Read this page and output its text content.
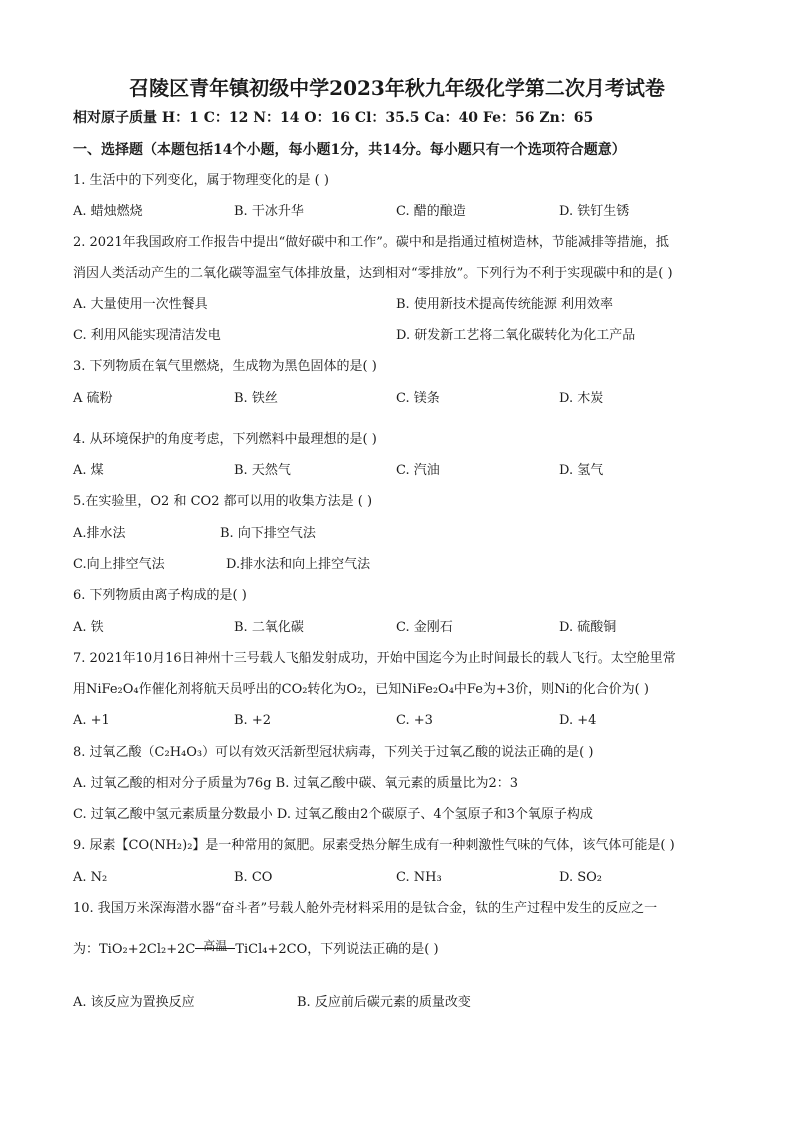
召陵区青年镇初级中学2023年秋九年级化学第二次月考试卷
相对原子质量 H：1 C：12 N：14 O：16 Cl：35.5 Ca：40 Fe：56 Zn：65
一、选择题（本题包括14个小题，每小题1分，共14分。每小题只有一个选项符合题意）
1. 生活中的下列变化，属于物理变化的是 ( )
A. 蜡烛燃烧	B. 干冰升华	C. 醋的酿造	D. 铁钉生锈
2. 2021年我国政府工作报告中提出“做好碳中和工作”。碳中和是指通过植树造林，节能减排等措施，抵
消因人类活动产生的二氧化碳等温室气体排放量，达到相对“零排放”。下列行为不利于实现碳中和的是( )
A. 大量使用一次性餐具	B. 使用新技术提高传统能源 利用效率
C. 利用风能实现清洁发电	D. 研发新工艺将二氧化碳转化为化工产品
3. 下列物质在氧气里燃烧，生成物为黑色固体的是( )
A 硫粉	B. 铁丝	C. 镁条	D. 木炭
4. 从环境保护的角度考虑，下列燃料中最理想的是( )
A. 煤	B. 天然气	C. 汽油	D. 氢气
5.在实验里，O2 和 CO2 都可以用的收集方法是 ( )
A.排水法	B. 向下排空气法
C.向上排空气法	D.排水法和向上排空气法
6. 下列物质由离子构成的是( )
A. 铁	B. 二氧化碳	C. 金刚石	D. 硫酸铜
7. 2021年10月16日神州十三号载人飞船发射成功，开始中国迄今为止时间最长的载人飞行。太空舱里常
用NiFe₂O₄作催化剂将航天员呼出的CO₂转化为O₂，已知NiFe₂O₄中Fe为+3价，则Ni的化合价为( )
A. +1	B. +2	C. +3	D. +4
8. 过氧乙酸（C₂H₄O₃）可以有效灭活新型冠状病毒，下列关于过氧乙酸的说法正确的是( )
A. 过氧乙酸的相对分子质量为76g B. 过氧乙酸中碳、氧元素的质量比为2：3
C. 过氧乙酸中氢元素质量分数最小 D. 过氧乙酸由2个碳原子、4个氢原子和3个氧原子构成
9. 尿素【CO(NH₂)₂】是一种常用的氮肥。尿素受热分解生成有一种刺激性气味的气体，该气体可能是( )
A. N₂	B. CO	C. NH₃	D. SO₂
10. 我国万米深海潜水器“奋斗者”号载人舱外壳材料采用的是钛合金，钛的生产过程中发生的反应之一
为：TiO₂+2Cl₂+2C 高温 TiCl₄+2CO，下列说法正确的是( )
A. 该反应为置换反应	B. 反应前后碳元素的质量改变
